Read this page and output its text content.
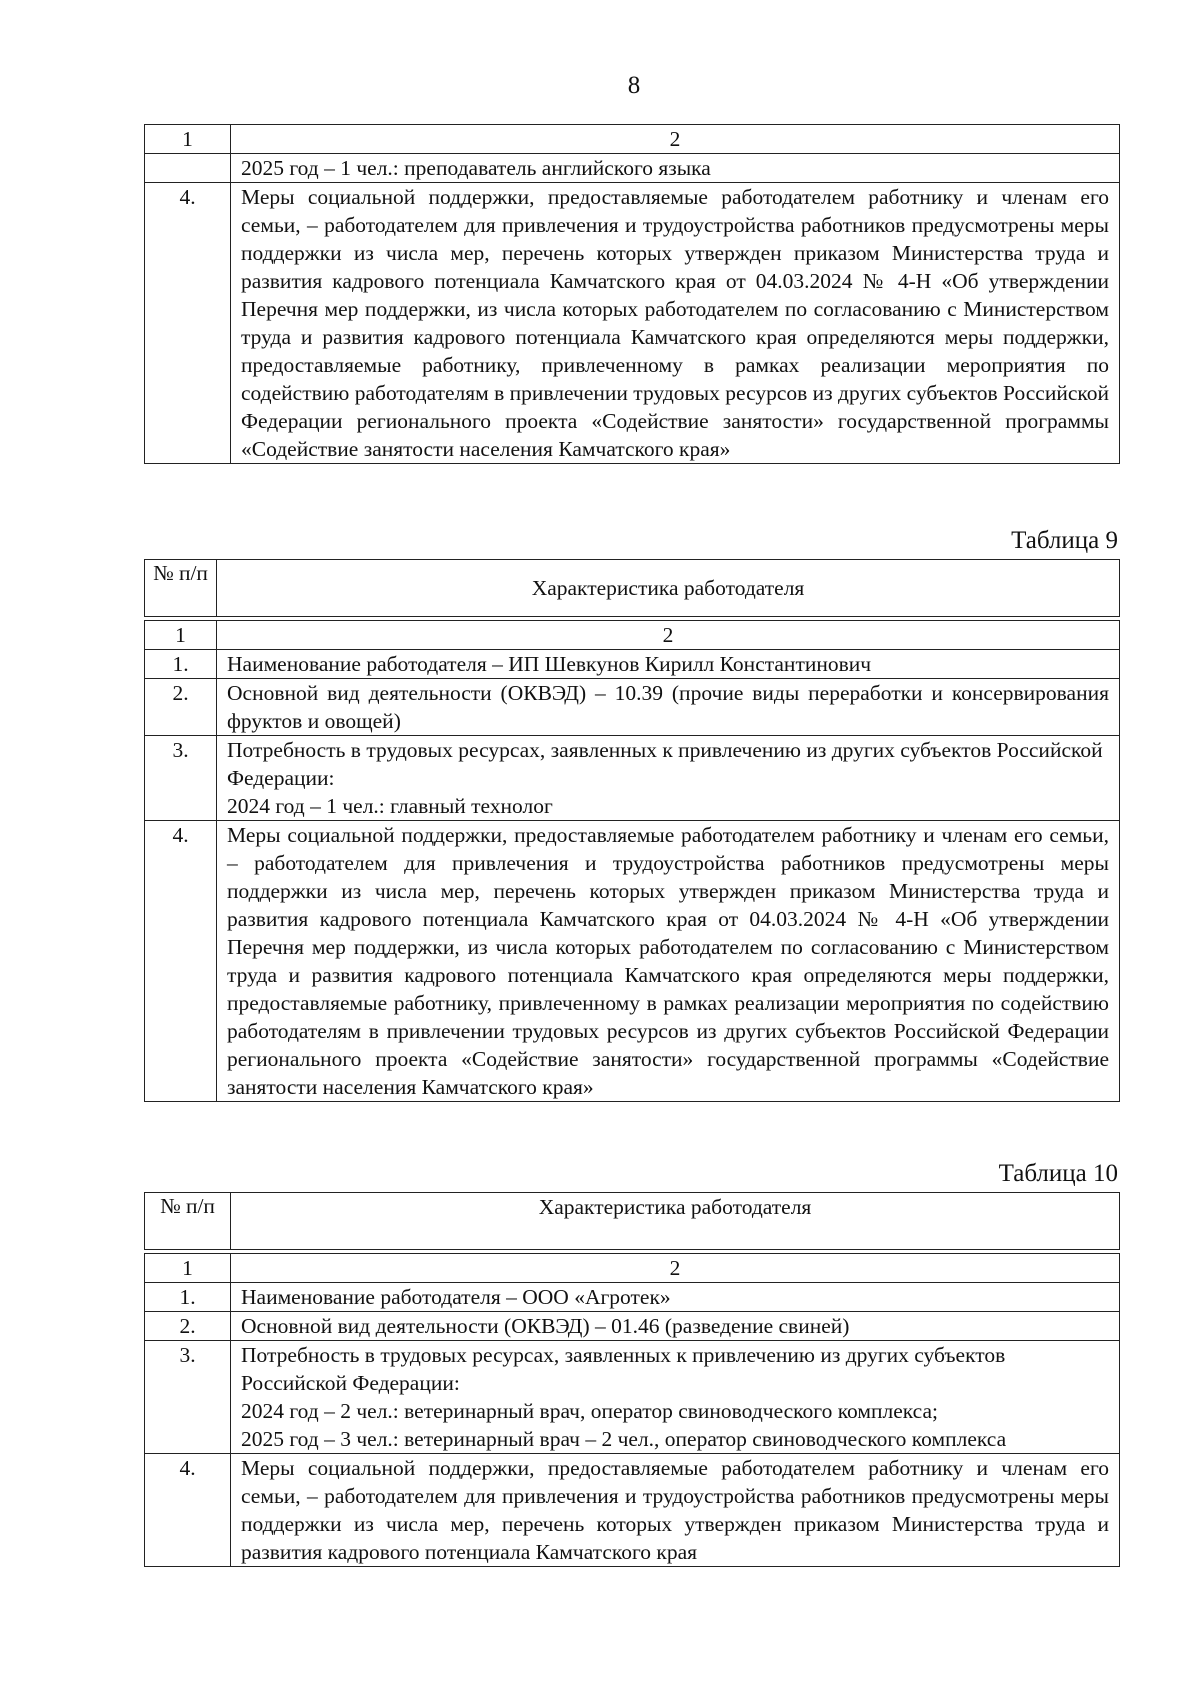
8
1	2

	2025 год – 1 чел.: преподаватель английского языка

4.	Меры социальной поддержки, предоставляемые работодателем работнику и членам его семьи, – работодателем для привлечения и трудоустройства работников предусмотрены меры поддержки из числа мер, перечень которых утвержден приказом Министерства труда и развития кадрового потенциала Камчатского края от 04.03.2024 № 4-Н «Об утверждении Перечня мер поддержки, из числа которых работодателем по согласованию с Министерством труда и развития кадрового потенциала Камчатского края определяются меры поддержки, предоставляемые работнику, привлеченному в рамках реализации мероприятия по содействию работодателям в привлечении трудовых ресурсов из других субъектов Российской Федерации регионального проекта «Содействие занятости» государственной программы «Содействие занятости населения Камчатского края»
Таблица 9
№ п/п	Характеристика работодателя

1	2
1.	Наименование работодателя – ИП Шевкунов Кирилл Константинович
2.	Основной вид деятельности (ОКВЭД) – 10.39 (прочие виды переработки и консервирования фруктов и овощей)
3.	Потребность в трудовых ресурсах, заявленных к привлечению из других субъектов Российской Федерации:
2024 год – 1 чел.: главный технолог

4.	Меры социальной поддержки, предоставляемые работодателем работнику и членам его семьи, – работодателем для привлечения и трудоустройства работников предусмотрены меры поддержки из числа мер, перечень которых утвержден приказом Министерства труда и развития кадрового потенциала Камчатского края от 04.03.2024 № 4-Н «Об утверждении Перечня мер поддержки, из числа которых работодателем по согласованию с Министерством труда и развития кадрового потенциала Камчатского края определяются меры поддержки, предоставляемые работнику, привлеченному в рамках реализации мероприятия по содействию работодателям в привлечении трудовых ресурсов из других субъектов Российской Федерации регионального проекта «Содействие занятости» государственной программы «Содействие занятости населения Камчатского края»
Таблица 10
№ п/п	Характеристика работодателя

1	2
1.	Наименование работодателя – ООО «Агротек»
2.	Основной вид деятельности (ОКВЭД) – 01.46 (разведение свиней)
3.	Потребность в трудовых ресурсах, заявленных к привлечению из других субъектов Российской Федерации:
2024 год – 2 чел.: ветеринарный врач, оператор свиноводческого комплекса;
2025 год – 3 чел.: ветеринарный врач – 2 чел., оператор свиноводческого комплекса

4.	Меры социальной поддержки, предоставляемые работодателем работнику и членам его семьи, – работодателем для привлечения и трудоустройства работников предусмотрены меры поддержки из числа мер, перечень которых утвержден приказом Министерства труда и развития кадрового потенциала Камчатского края
